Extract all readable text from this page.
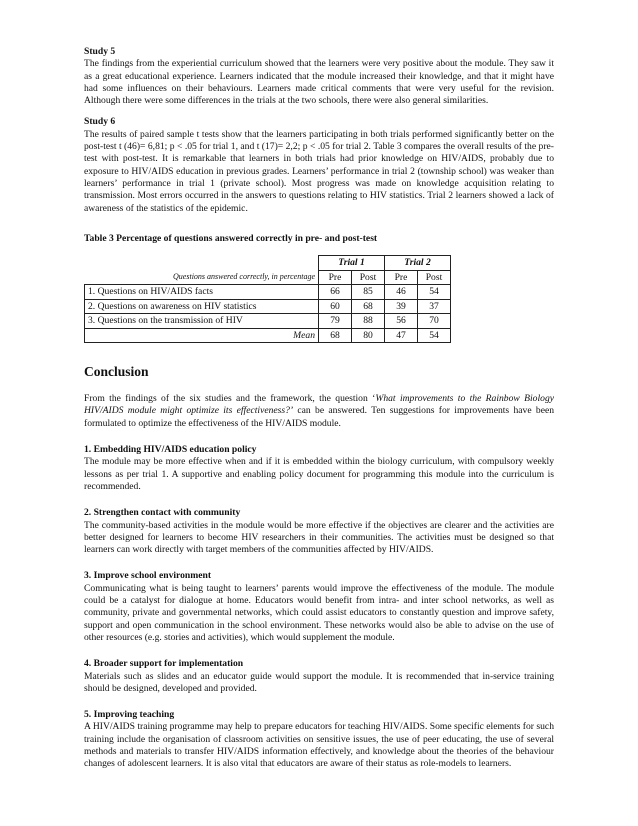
Study 5

The findings from the experiential curriculum showed that the learners were very positive about the module. They saw it as a great educational experience. Learners indicated that the module increased their knowledge, and that it might have had some influences on their behaviours. Learners made critical comments that were very useful for the revision. Although there were some differences in the trials at the two schools, there were also general similarities.

Study 6

The results of paired sample t tests show that the learners participating in both trials performed significantly better on the post-test t (46)= 6,81; p < .05 for trial 1, and t (17)= 2,2; p < .05 for trial 2. Table 3 compares the overall results of the pre-test with post-test. It is remarkable that learners in both trials had prior knowledge on HIV/AIDS, probably due to exposure to HIV/AIDS education in previous grades. Learners’ performance in trial 2 (township school) was weaker than learners’ performance in trial 1 (private school). Most progress was made on knowledge acquisition relating to transmission. Most errors occurred in the answers to questions relating to HIV statistics. Trial 2 learners showed a lack of awareness of the statistics of the epidemic.

Table 3 Percentage of questions answered correctly in pre- and post-test

	Trial 1		Trial 2	
Questions answered correctly, in percentage	Pre	Post	Pre	Post
1. Questions on HIV/AIDS facts	66	85	46	54
2. Questions on awareness on HIV statistics	60	68	39	37
3. Questions on the transmission of HIV	79	88	56	70
Mean	68	80	47	54

Conclusion

From the findings of the six studies and the framework, the question ‘What improvements to the Rainbow Biology HIV/AIDS module might optimize its effectiveness?’ can be answered. Ten suggestions for improvements have been formulated to optimize the effectiveness of the HIV/AIDS module.

1. Embedding HIV/AIDS education policy

The module may be more effective when and if it is embedded within the biology curriculum, with compulsory weekly lessons as per trial 1. A supportive and enabling policy document for programming this module into the curriculum is recommended.

2. Strengthen contact with community

The community-based activities in the module would be more effective if the objectives are clearer and the activities are better designed for learners to become HIV researchers in their communities. The activities must be designed so that learners can work directly with target members of the communities affected by HIV/AIDS.

3. Improve school environment

Communicating what is being taught to learners’ parents would improve the effectiveness of the module. The module could be a catalyst for dialogue at home. Educators would benefit from intra- and inter school networks, as well as community, private and governmental networks, which could assist educators to constantly question and improve safety, support and open communication in the school environment. These networks would also be able to advise on the use of other resources (e.g. stories and activities), which would supplement the module.

4. Broader support for implementation

Materials such as slides and an educator guide would support the module. It is recommended that in-service training should be designed, developed and provided.

5. Improving teaching

A HIV/AIDS training programme may help to prepare educators for teaching HIV/AIDS. Some specific elements for such training include the organisation of classroom activities on sensitive issues, the use of peer educating, the use of several methods and materials to transfer HIV/AIDS information effectively, and knowledge about the theories of the behaviour changes of adolescent learners. It is also vital that educators are aware of their status as role-models to learners.
